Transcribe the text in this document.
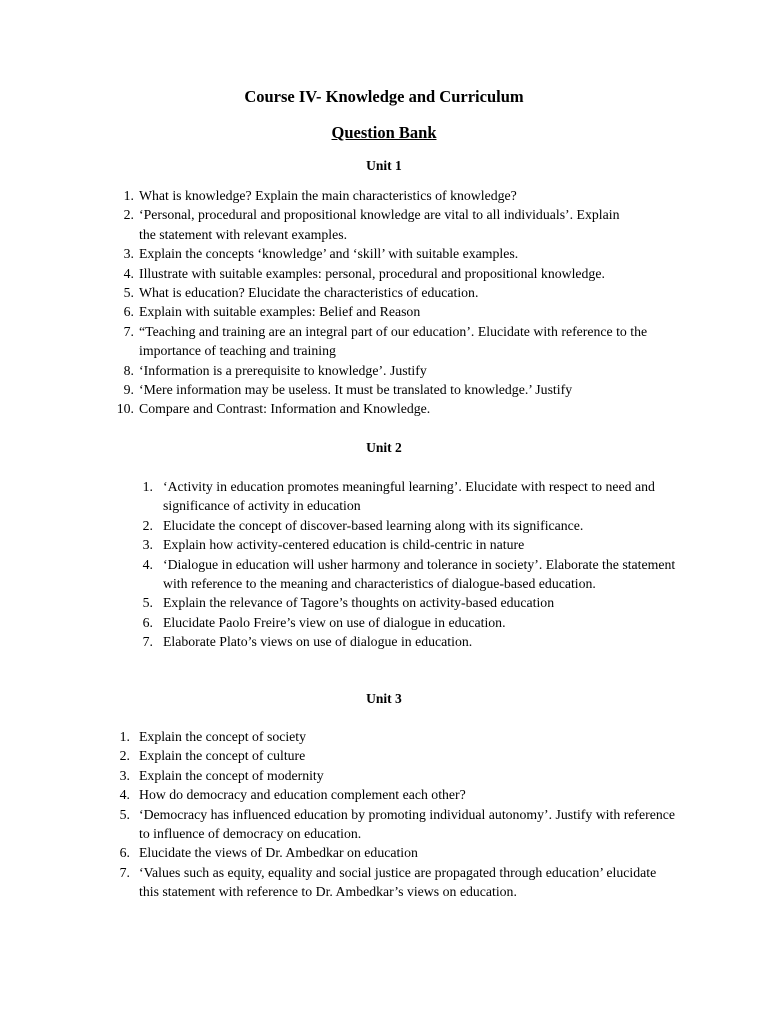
Course IV- Knowledge and Curriculum
Question Bank
Unit 1
1. What is knowledge? Explain the main characteristics of knowledge?
2. ‘Personal, procedural and propositional knowledge are vital to all individuals’. Explain the statement with relevant examples.
3. Explain the concepts ‘knowledge’ and ‘skill’ with suitable examples.
4. Illustrate with suitable examples: personal, procedural and propositional knowledge.
5. What is education? Elucidate the characteristics of education.
6. Explain with suitable examples: Belief and Reason
7. “Teaching and training are an integral part of our education’. Elucidate with reference to the importance of teaching and training
8. ‘Information is a prerequisite to knowledge’. Justify
9. ‘Mere information may be useless. It must be translated to knowledge.’ Justify
10. Compare and Contrast: Information and Knowledge.
Unit 2
1. ‘Activity in education promotes meaningful learning’. Elucidate with respect to need and significance of activity in education
2. Elucidate the concept of discover-based learning along with its significance.
3. Explain how activity-centered education is child-centric in nature
4. ‘Dialogue in education will usher harmony and tolerance in society’. Elaborate the statement with reference to the meaning and characteristics of dialogue-based education.
5. Explain the relevance of Tagore’s thoughts on activity-based education
6. Elucidate Paolo Freire’s view on use of dialogue in education.
7. Elaborate Plato’s views on use of dialogue in education.
Unit 3
1. Explain the concept of society
2. Explain the concept of culture
3. Explain the concept of modernity
4. How do democracy and education complement each other?
5. ‘Democracy has influenced education by promoting individual autonomy’. Justify with reference to influence of democracy on education.
6. Elucidate the views of Dr. Ambedkar on education
7. ‘Values such as equity, equality and social justice are propagated through education’ elucidate this statement with reference to Dr. Ambedkar’s views on education.
